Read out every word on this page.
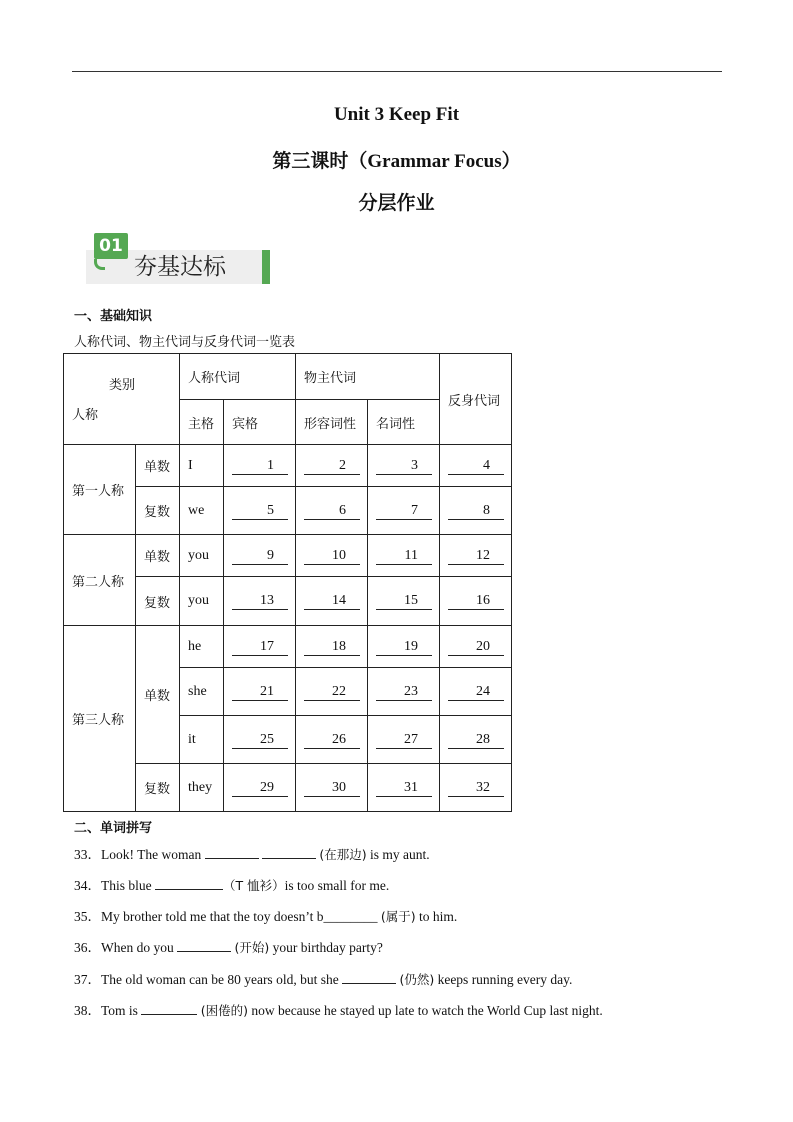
Unit 3 Keep Fit
第三课时（Grammar Focus）
分层作业
01
夯基达标
一、基础知识
人称代词、物主代词与反身代词一览表
类别
人称		人称代词		物主代词		反身代词
		主格	宾格	形容词性	名词性	
第一人称	单数	I	1	2	3	4

	复数	we	5	6	7	8

第二人称	单数	you	9	10	11	12

	复数	you	13	14	15	16

第三人称	单数	he	17	18	19	20

		she	21	22	23	24

		it	25	26	27	28

	复数	they	29	30	31	32
二、单词拼写
33．Look! The woman	(在那边) is my aunt.
34．This blue	（T 恤衫）is too small for me.
35．My brother told me that the toy doesn’t b________ (属于) to him.
36．When do you	(开始) your birthday party?
37．The old woman can be 80 years old, but she	(仍然) keeps running every day.
38．Tom is	(困倦的) now because he stayed up late to watch the World Cup last night.
